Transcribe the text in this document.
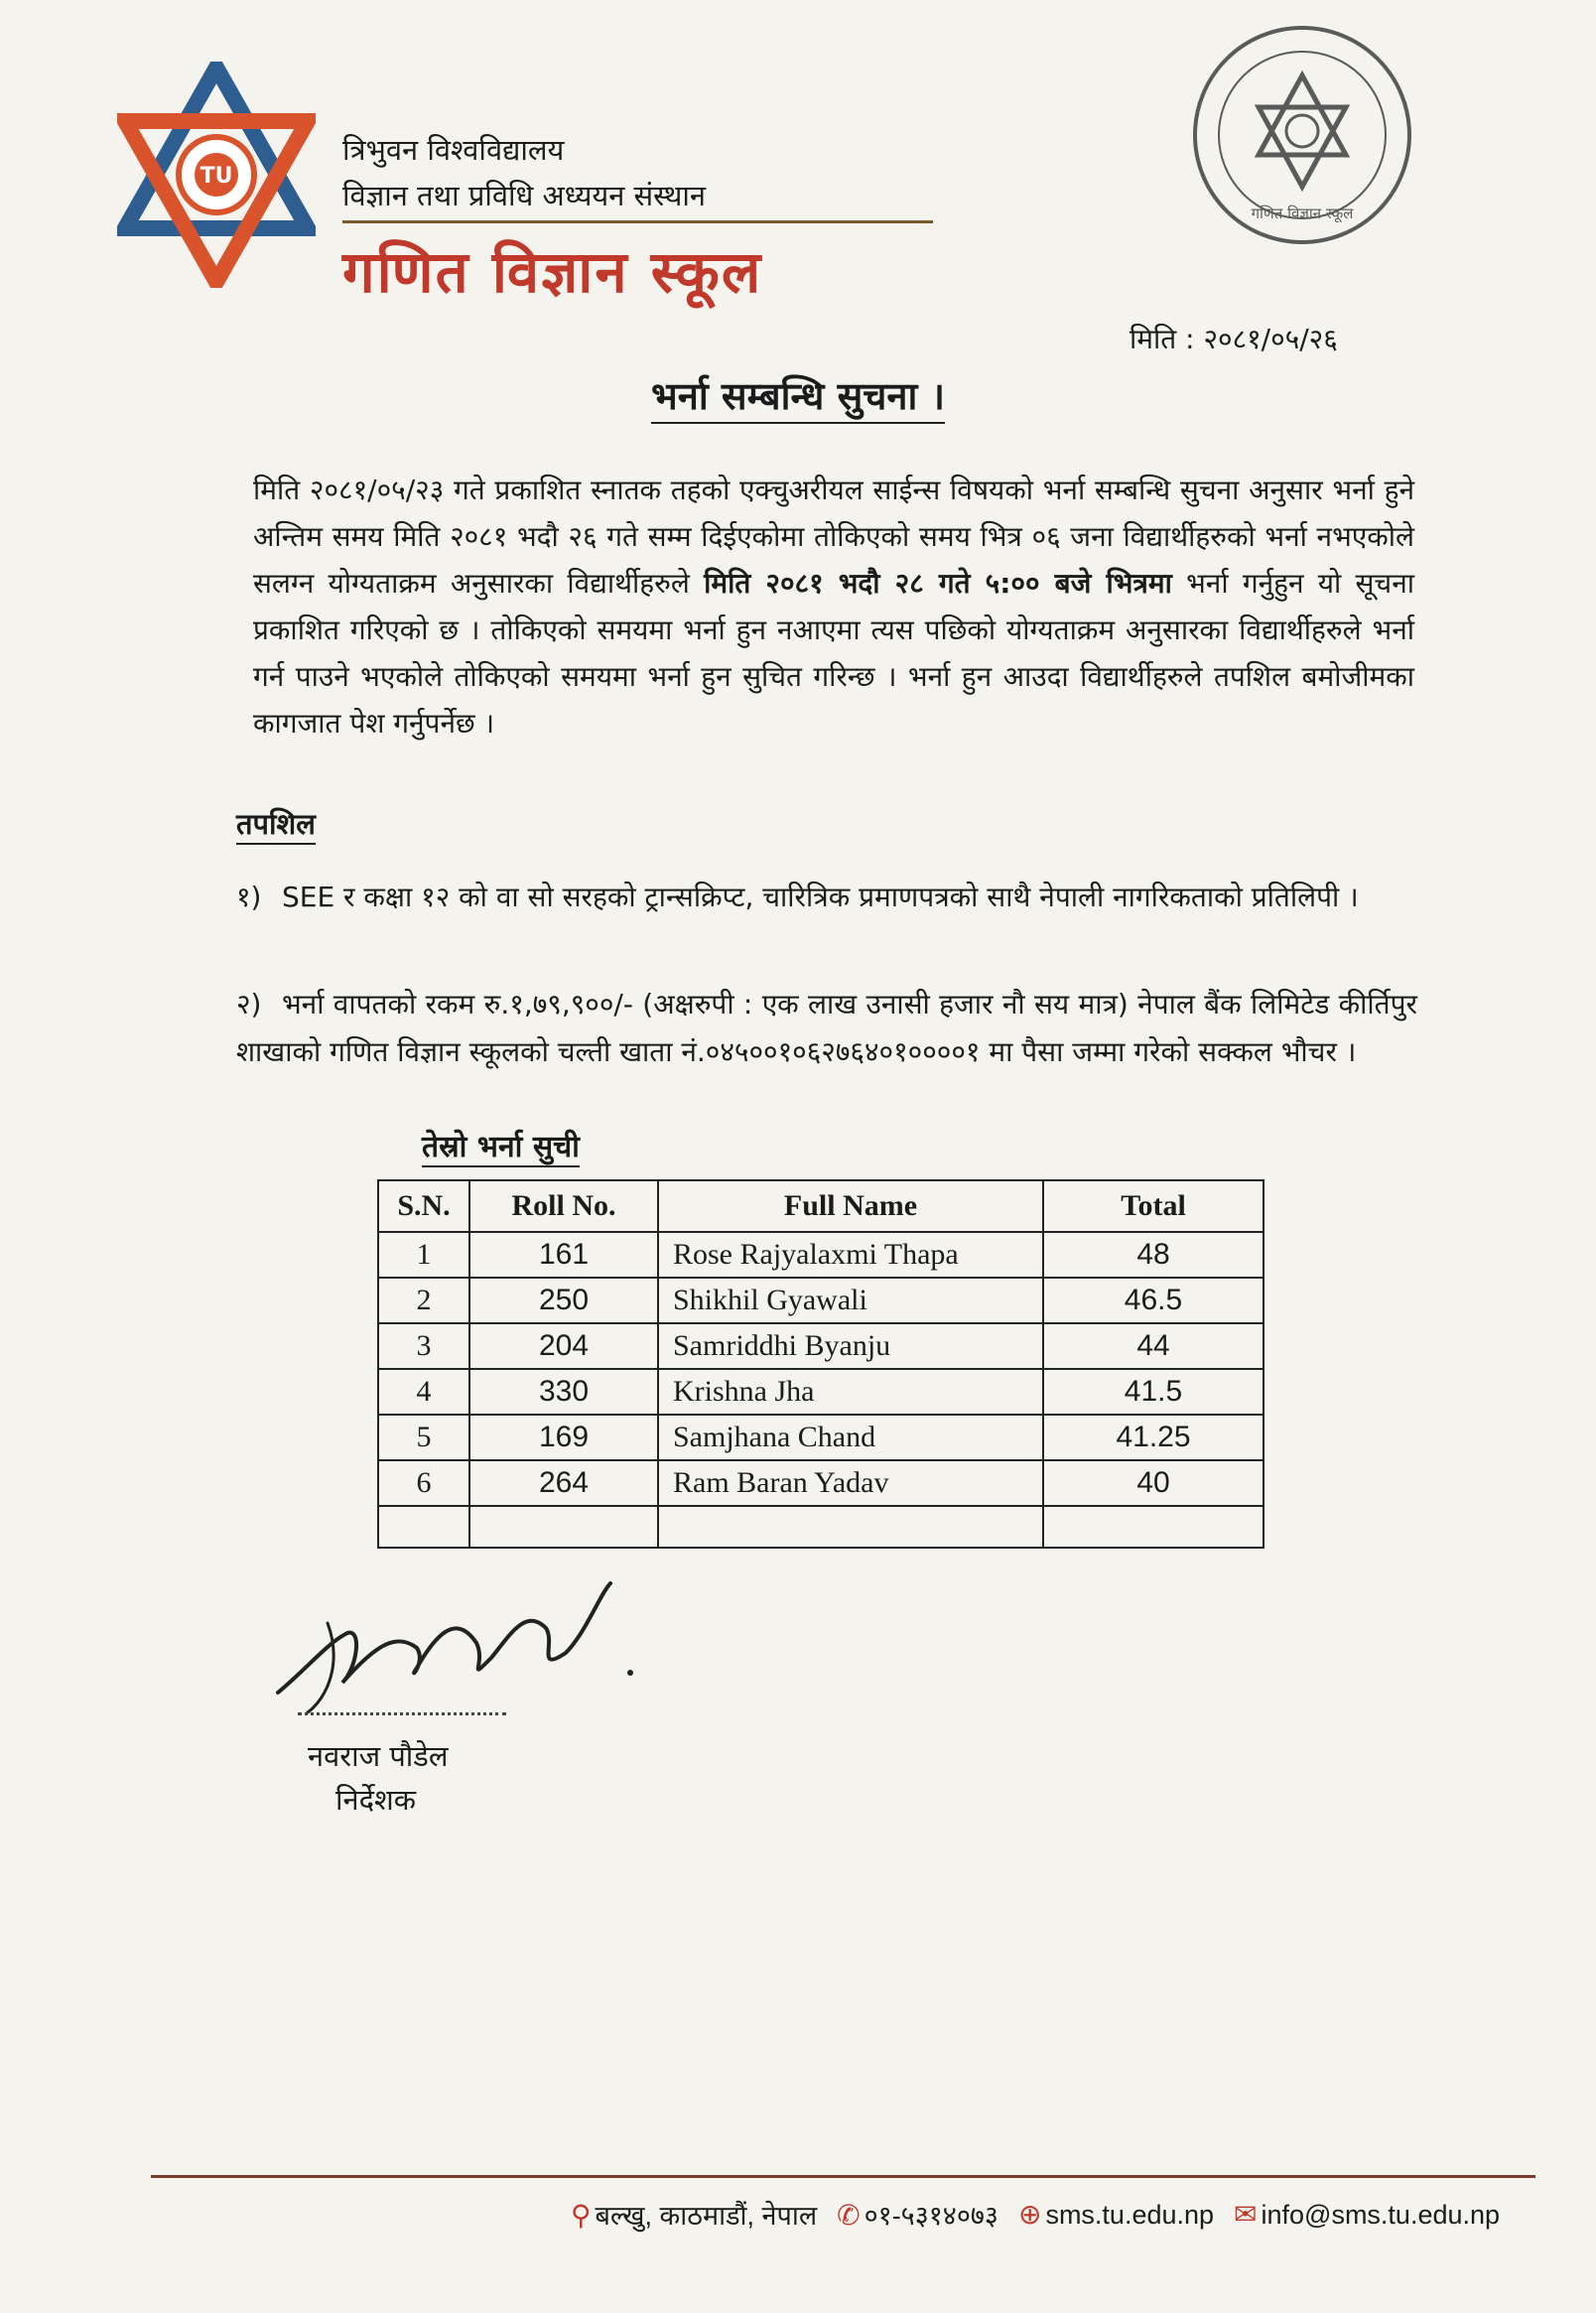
TU
त्रिभुवन विश्वविद्यालय
विज्ञान तथा प्रविधि अध्ययन संस्थान
गणित विज्ञान स्कूल
गणित विज्ञान स्कूल
मिति : २०८१/०५/२६
भर्ना सम्बन्धि सुचना ।
मिति २०८१/०५/२३ गते प्रकाशित स्नातक तहको एक्चुअरीयल साईन्स विषयको भर्ना सम्बन्धि सुचना अनुसार भर्ना हुने अन्तिम समय मिति २०८१ भदौ २६ गते सम्म दिईएकोमा तोकिएको समय भित्र ०६ जना विद्यार्थीहरुको भर्ना नभएकोले सलग्न योग्यताक्रम अनुसारका विद्यार्थीहरुले मिति २०८१ भदौ २८ गते ५:०० बजे भित्रमा भर्ना गर्नुहुन यो सूचना प्रकाशित गरिएको छ । तोकिएको समयमा भर्ना हुन नआएमा त्यस पछिको योग्यताक्रम अनुसारका विद्यार्थीहरुले भर्ना गर्न पाउने भएकोले तोकिएको समयमा भर्ना हुन सुचित गरिन्छ । भर्ना हुन आउदा विद्यार्थीहरुले तपशिल बमोजीमका कागजात पेश गर्नुपर्नेछ ।
तपशिल
१) SEE र कक्षा १२ को वा सो सरहको ट्रान्सक्रिप्ट, चारित्रिक प्रमाणपत्रको साथै नेपाली नागरिकताको प्रतिलिपी ।
२) भर्ना वापतको रकम रु.१,७९,९००/- (अक्षरुपी : एक लाख उनासी हजार नौ सय मात्र) नेपाल बैंक लिमिटेड कीर्तिपुर शाखाको गणित विज्ञान स्कूलको चल्ती खाता नं.०४५००१०६२७६४०१००००१ मा पैसा जम्मा गरेको सक्कल भौचर ।
तेस्रो भर्ना सुची
S.N.	Roll No.	Full Name	Total
1	161	Rose Rajyalaxmi Thapa	48
2	250	Shikhil Gyawali	46.5
3	204	Samriddhi Byanju	44
4	330	Krishna Jha	41.5
5	169	Samjhana Chand	41.25
6	264	Ram Baran Yadav	40

नवराज पौडेल
निर्देशक
⚲ बल्खु, काठमाडौं, नेपाल ✆ ०१-५३१४०७३ ⊕ sms.tu.edu.np ✉ info@sms.tu.edu.np
